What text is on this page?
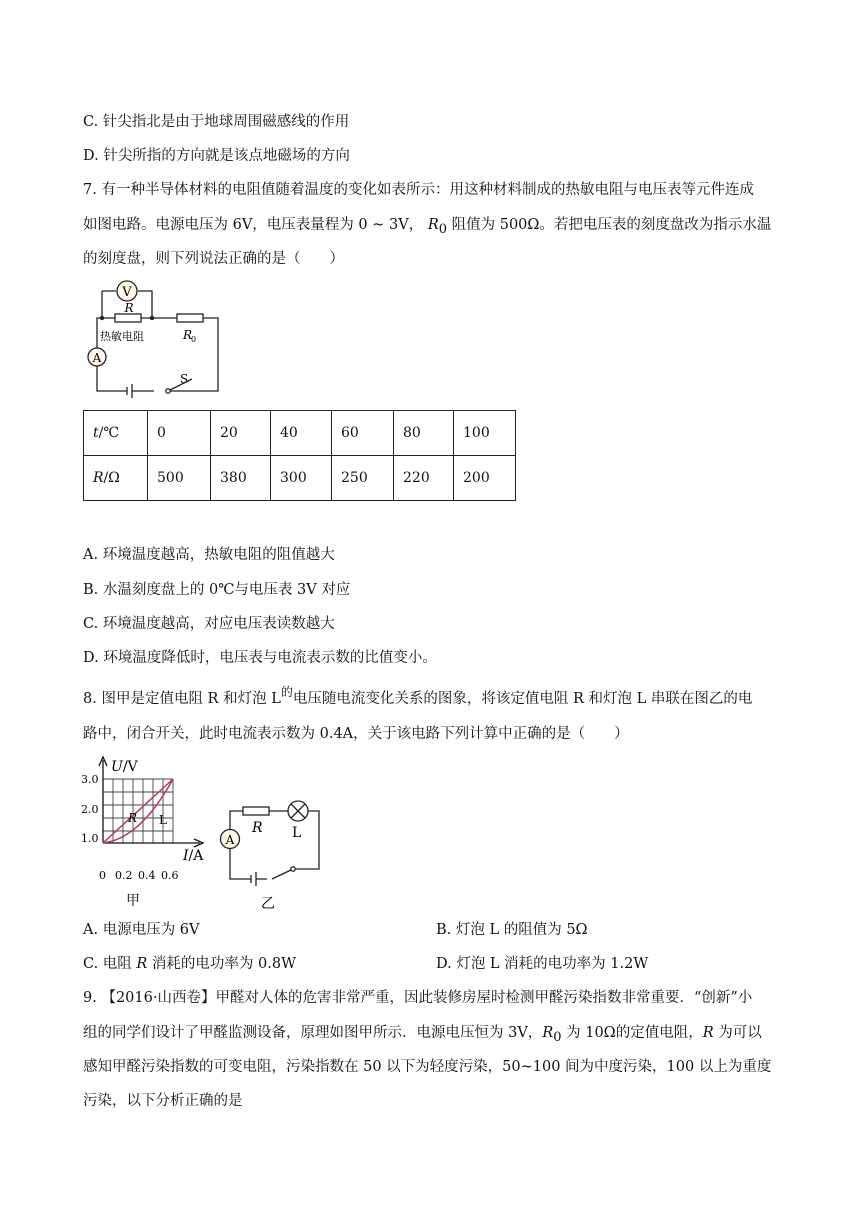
C. 针尖指北是由于地球周围磁感线的作用
D. 针尖所指的方向就是该点地磁场的方向
7. 有一种半导体材料的电阻值随着温度的变化如表所示：用这种材料制成的热敏电阻与电压表等元件连成
如图电路。电源电压为 6V，电压表量程为 0 ~ 3V， $R_0$ 阻值为 500Ω。若把电压表的刻度盘改为指示水温
的刻度盘，则下列说法正确的是（　　）
V
A
R
热敏电阻	R
0
S
t/℃	0	20	40	60	80	100
R/Ω	500	380	300	250	220	200
A. 环境温度越高，热敏电阻的阻值越大
B. 水温刻度盘上的 0℃与电压表 3V 对应
C. 环境温度越高，对应电压表读数越大
D. 环境温度降低时，电压表与电流表示数的比值变小。
8. 图甲是定值电阻 R 和灯泡 $L^的$电压随电流变化关系的图象，将该定值电阻 R 和灯泡 L 串联在图乙的电
路中，闭合开关，此时电流表示数为 0.4A，关于该电路下列计算中正确的是（　　）
U/V
3.0
2.0
1.0
I/A
0 0.2 0.4 0.6
R L
甲
A
R L
乙
A. 电源电压为 6V	B. 灯泡 L 的阻值为 5Ω
C. 电阻 R 消耗的电功率为 0.8W	D. 灯泡 L 消耗的电功率为 1.2W
9. 【2016·山西卷】甲醛对人体的危害非常严重，因此装修房屋时检测甲醛污染指数非常重要．“创新”小
组的同学们设计了甲醛监测设备，原理如图甲所示．电源电压恒为 3V，$R_0$ 为 10Ω的定值电阻，R 为可以
感知甲醛污染指数的可变电阻，污染指数在 50 以下为轻度污染，50~100 间为中度污染，100 以上为重度
污染，以下分析正确的是
